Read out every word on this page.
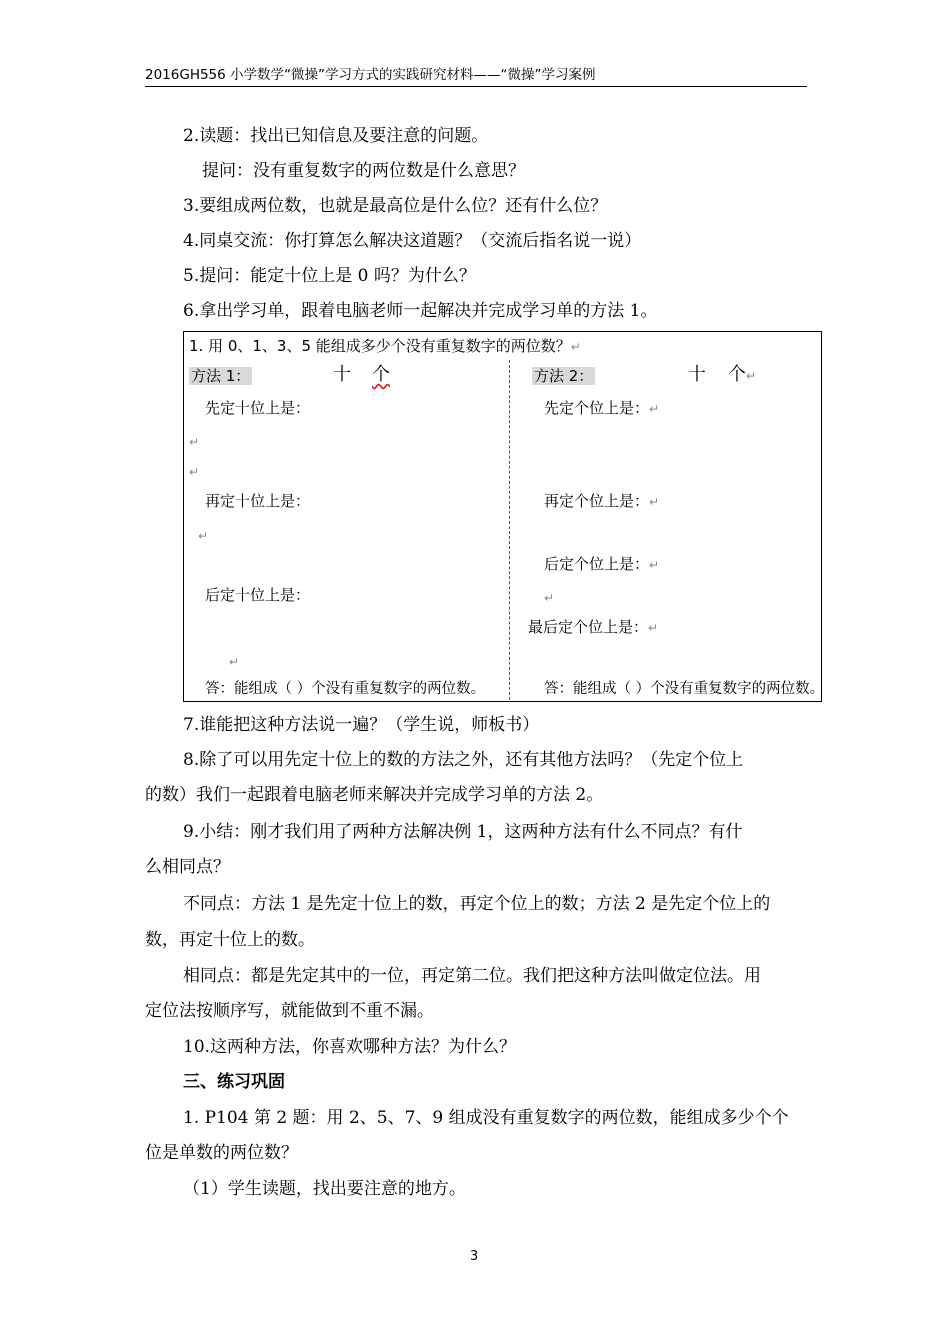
2016GH556 小学数学“微操”学习方式的实践研究材料——“微操”学习案例
2.读题：找出已知信息及要注意的问题。
提问：没有重复数字的两位数是什么意思？
3.要组成两位数，也就是最高位是什么位？还有什么位？
4.同桌交流：你打算怎么解决这道题？（交流后指名说一说）
5.提问：能定十位上是 0 吗？为什么？
6.拿出学习单，跟着电脑老师一起解决并完成学习单的方法 1。
1. 用 0、1、3、5 能组成多少个没有重复数字的两位数？↵
方法 1：	十 个	方法 2：	十 个↵
先定十位上是：
↵
↵
再定十位上是：
↵
后定十位上是：
↵
答：能组成（ ）个没有重复数字的两位数。
先定个位上是：↵
再定个位上是：↵
后定个位上是：↵
↵
最后定个位上是：↵
答：能组成（ ）个没有重复数字的两位数。
7.谁能把这种方法说一遍？（学生说，师板书）
8.除了可以用先定十位上的数的方法之外，还有其他方法吗？（先定个位上
的数）我们一起跟着电脑老师来解决并完成学习单的方法 2。
9.小结：刚才我们用了两种方法解决例 1，这两种方法有什么不同点？有什
么相同点？
不同点：方法 1 是先定十位上的数，再定个位上的数；方法 2 是先定个位上的
数，再定十位上的数。
相同点：都是先定其中的一位，再定第二位。我们把这种方法叫做定位法。用
定位法按顺序写，就能做到不重不漏。
10.这两种方法，你喜欢哪种方法？为什么？
三、练习巩固
1. P104 第 2 题：用 2、5、7、9 组成没有重复数字的两位数，能组成多少个个
位是单数的两位数？
（1）学生读题，找出要注意的地方。
3
